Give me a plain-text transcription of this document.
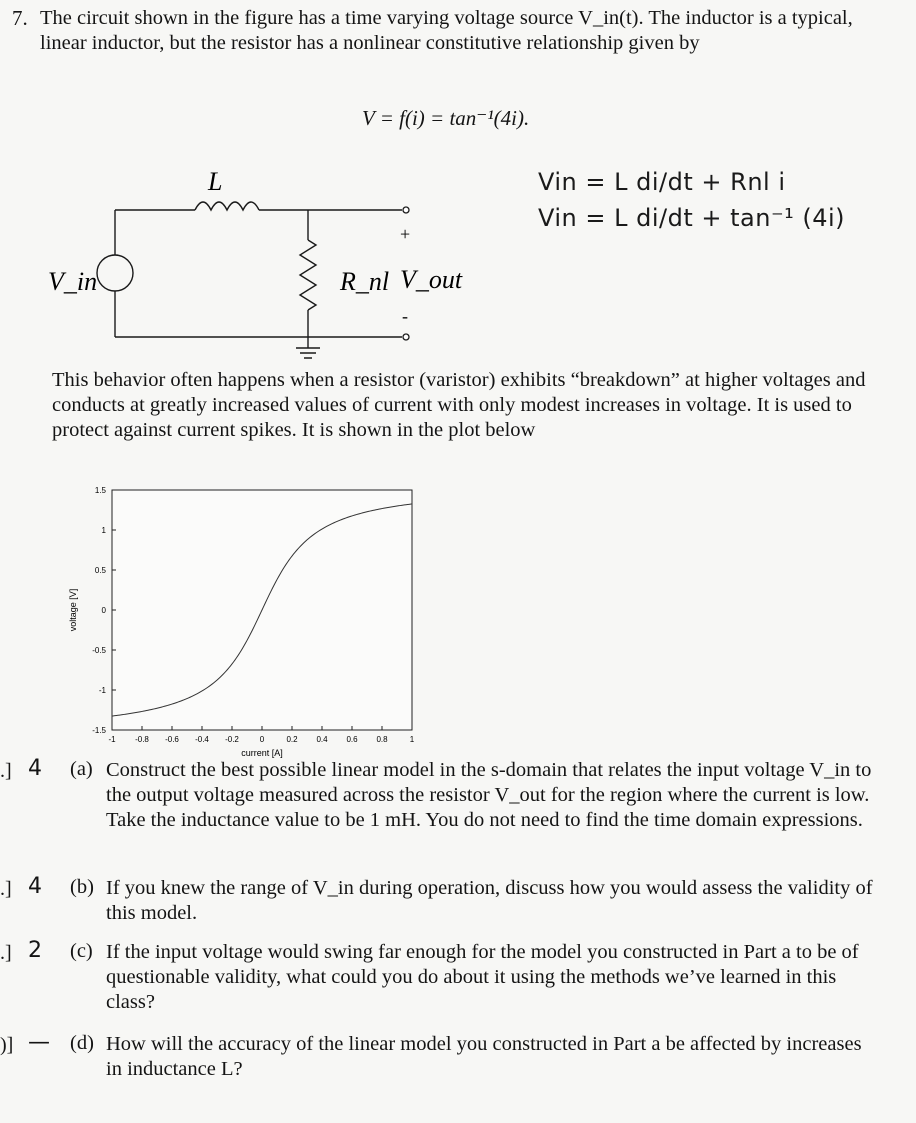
7. The circuit shown in the figure has a time varying voltage source V_in(t). The inductor is a typical, linear inductor, but the resistor has a nonlinear constitutive relationship given by
V = f(i) = tan⁻¹(4i).
L
R_nl
+
-
V_in	V_out
Vin = L di/dt + Rnl i
Vin = L di/dt + tan⁻¹ (4i)
This behavior often happens when a resistor (varistor) exhibits “breakdown” at higher voltages and conducts at greatly increased values of current with only modest increases in voltage. It is used to protect against current spikes. It is shown in the plot below
-1.5
-1
-0.5
0
0.5
1
1.5
-1 -0.8 -0.6 -0.4 -0.2	0	0.2 0.4 0.6 0.8	1
current [A]
voltage [V]
.] 4 (a) Construct the best possible linear model in the s-domain that relates the input voltage V_in to the output voltage measured across the resistor V_out for the region where the current is low. Take the inductance value to be 1 mH. You do not need to find the time domain expressions.
.] 4 (b) If you knew the range of V_in during operation, discuss how you would assess the validity of this model.
.] 2 (c) If the input voltage would swing far enough for the model you constructed in Part a to be of questionable validity, what could you do about it using the methods we’ve learned in this class?
)] — (d) How will the accuracy of the linear model you constructed in Part a be affected by increases in inductance L?
